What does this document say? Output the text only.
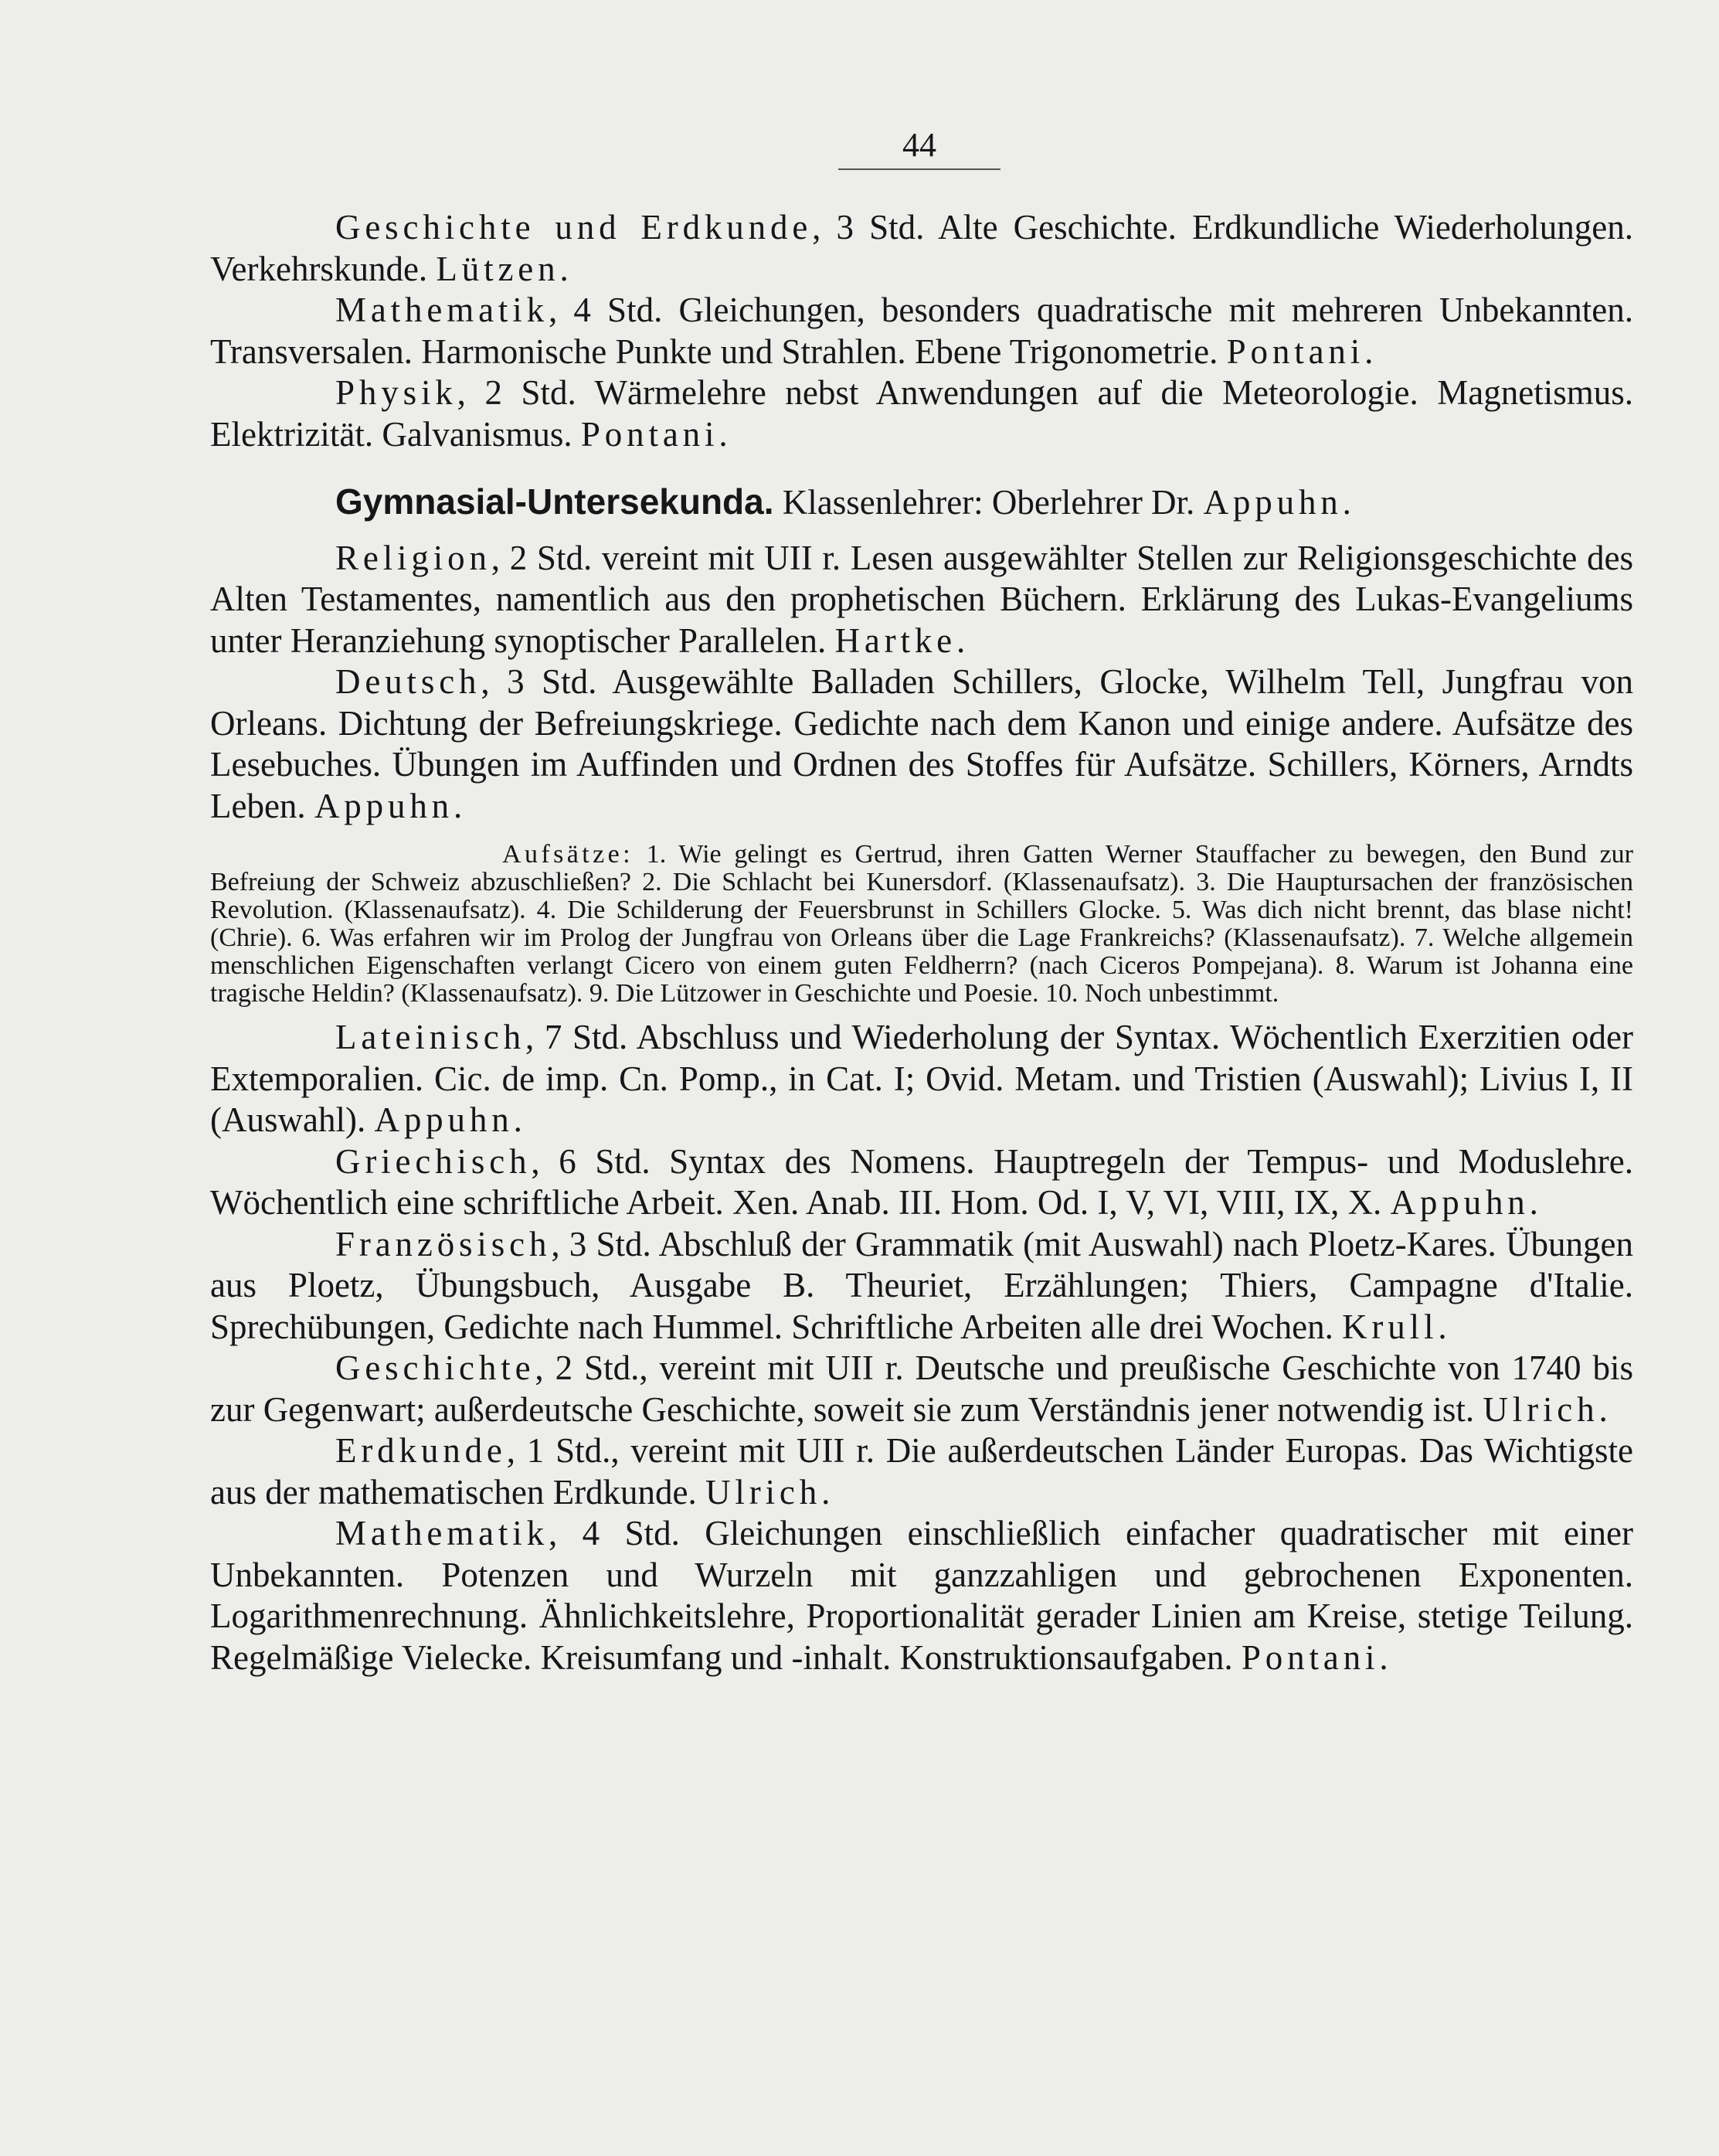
44

Geschichte und Erdkunde, 3 Std. Alte Geschichte. Erdkundliche Wiederholungen. Verkehrskunde. Lützen.

Mathematik, 4 Std. Gleichungen, besonders quadratische mit mehreren Unbekannten. Transversalen. Harmonische Punkte und Strahlen. Ebene Trigonometrie. Pontani.

Physik, 2 Std. Wärmelehre nebst Anwendungen auf die Meteorologie. Magnetismus. Elektrizität. Galvanismus. Pontani.

Gymnasial-Untersekunda. Klassenlehrer: Oberlehrer Dr. Appuhn.

Religion, 2 Std. vereint mit UII r. Lesen ausgewählter Stellen zur Religionsgeschichte des Alten Testamentes, namentlich aus den prophetischen Büchern. Erklärung des Lukas-Evangeliums unter Heranziehung synoptischer Parallelen. Hartke.

Deutsch, 3 Std. Ausgewählte Balladen Schillers, Glocke, Wilhelm Tell, Jungfrau von Orleans. Dichtung der Befreiungskriege. Gedichte nach dem Kanon und einige andere. Aufsätze des Lesebuches. Übungen im Auffinden und Ordnen des Stoffes für Aufsätze. Schillers, Körners, Arndts Leben. Appuhn.

Aufsätze: 1. Wie gelingt es Gertrud, ihren Gatten Werner Stauffacher zu bewegen, den Bund zur Befreiung der Schweiz abzuschließen? 2. Die Schlacht bei Kunersdorf. (Klassenaufsatz). 3. Die Hauptursachen der französischen Revolution. (Klassenaufsatz). 4. Die Schilderung der Feuersbrunst in Schillers Glocke. 5. Was dich nicht brennt, das blase nicht! (Chrie). 6. Was erfahren wir im Prolog der Jungfrau von Orleans über die Lage Frankreichs? (Klassenaufsatz). 7. Welche allgemein menschlichen Eigenschaften verlangt Cicero von einem guten Feldherrn? (nach Ciceros Pompejana). 8. Warum ist Johanna eine tragische Heldin? (Klassenaufsatz). 9. Die Lützower in Geschichte und Poesie. 10. Noch unbestimmt.

Lateinisch, 7 Std. Abschluss und Wiederholung der Syntax. Wöchentlich Exerzitien oder Extemporalien. Cic. de imp. Cn. Pomp., in Cat. I; Ovid. Metam. und Tristien (Auswahl); Livius I, II (Auswahl). Appuhn.

Griechisch, 6 Std. Syntax des Nomens. Hauptregeln der Tempus- und Moduslehre. Wöchentlich eine schriftliche Arbeit. Xen. Anab. III. Hom. Od. I, V, VI, VIII, IX, X. Appuhn.

Französisch, 3 Std. Abschluß der Grammatik (mit Auswahl) nach Ploetz-Kares. Übungen aus Ploetz, Übungsbuch, Ausgabe B. Theuriet, Erzählungen; Thiers, Campagne d'Italie. Sprechübungen, Gedichte nach Hummel. Schriftliche Arbeiten alle drei Wochen. Krull.

Geschichte, 2 Std., vereint mit UII r. Deutsche und preußische Geschichte von 1740 bis zur Gegenwart; außerdeutsche Geschichte, soweit sie zum Verständnis jener notwendig ist. Ulrich.

Erdkunde, 1 Std., vereint mit UII r. Die außerdeutschen Länder Europas. Das Wichtigste aus der mathematischen Erdkunde. Ulrich.

Mathematik, 4 Std. Gleichungen einschließlich einfacher quadratischer mit einer Unbekannten. Potenzen und Wurzeln mit ganzzahligen und gebrochenen Exponenten. Logarithmenrechnung. Ähnlichkeitslehre, Proportionalität gerader Linien am Kreise, stetige Teilung. Regelmäßige Vielecke. Kreisumfang und -inhalt. Konstruktionsaufgaben. Pontani.
